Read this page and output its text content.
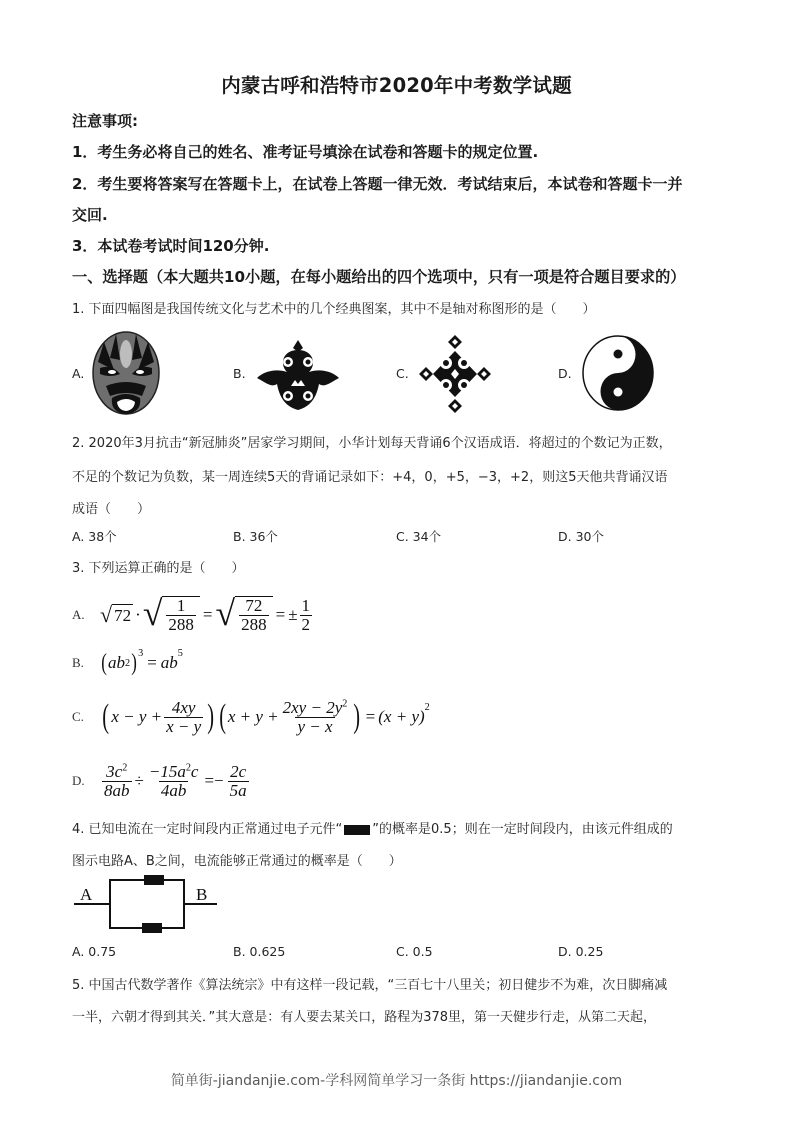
内蒙古呼和浩特市2020年中考数学试题
注意事项:
1．考生务必将自己的姓名、准考证号填涂在试卷和答题卡的规定位置.
2．考生要将答案写在答题卡上，在试卷上答题一律无效．考试结束后，本试卷和答题卡一并
交回.
3．本试卷考试时间120分钟.
一、选择题（本大题共10小题，在每小题给出的四个选项中，只有一项是符合题目要求的）
1. 下面四幅图是我国传统文化与艺术中的几个经典图案，其中不是轴对称图形的是（　　）
A.	B.	C.	D.
2. 2020年3月抗击“新冠肺炎”居家学习期间，小华计划每天背诵6个汉语成语．将超过的个数记为正数，
不足的个数记为负数，某一周连续5天的背诵记录如下：+4，0，+5，−3，+2，则这5天他共背诵汉语
成语（　　）
A. 38个	B. 36个	C. 34个	D. 30个
3. 下列运算正确的是（　　）
A. √ 72 · √ $\frac{1}{288}$ = √ $\frac{72}{288}$ = ± $\frac{1}{2}$
B. ( ab 2 )$^3 = ab^5$
C. ( $x - y + \frac{4xy}{x - y}$ ) ( $x + y + \frac{2xy - 2y^2}{y - x}$ ) = $(x + y)^2$
D.	$\frac{3c^2}{8ab} \div \frac{-15a^2c}{4ab} =- \frac{2c}{5a}$
4. 已知电流在一定时间段内正常通过电子元件“ ”的概率是0.5；则在一定时间段内，由该元件组成的
图示电路A、B之间，电流能够正常通过的概率是（　　）
A	B
A. 0.75	B. 0.625	C. 0.5	D. 0.25
5. 中国古代数学著作《算法统宗》中有这样一段记载，“三百七十八里关；初日健步不为难，次日脚痛减
一半，六朝才得到其关．”其大意是：有人要去某关口，路程为378里，第一天健步行走，从第二天起，
简单街-jiandanjie.com-学科网简单学习一条街 https://jiandanjie.com
